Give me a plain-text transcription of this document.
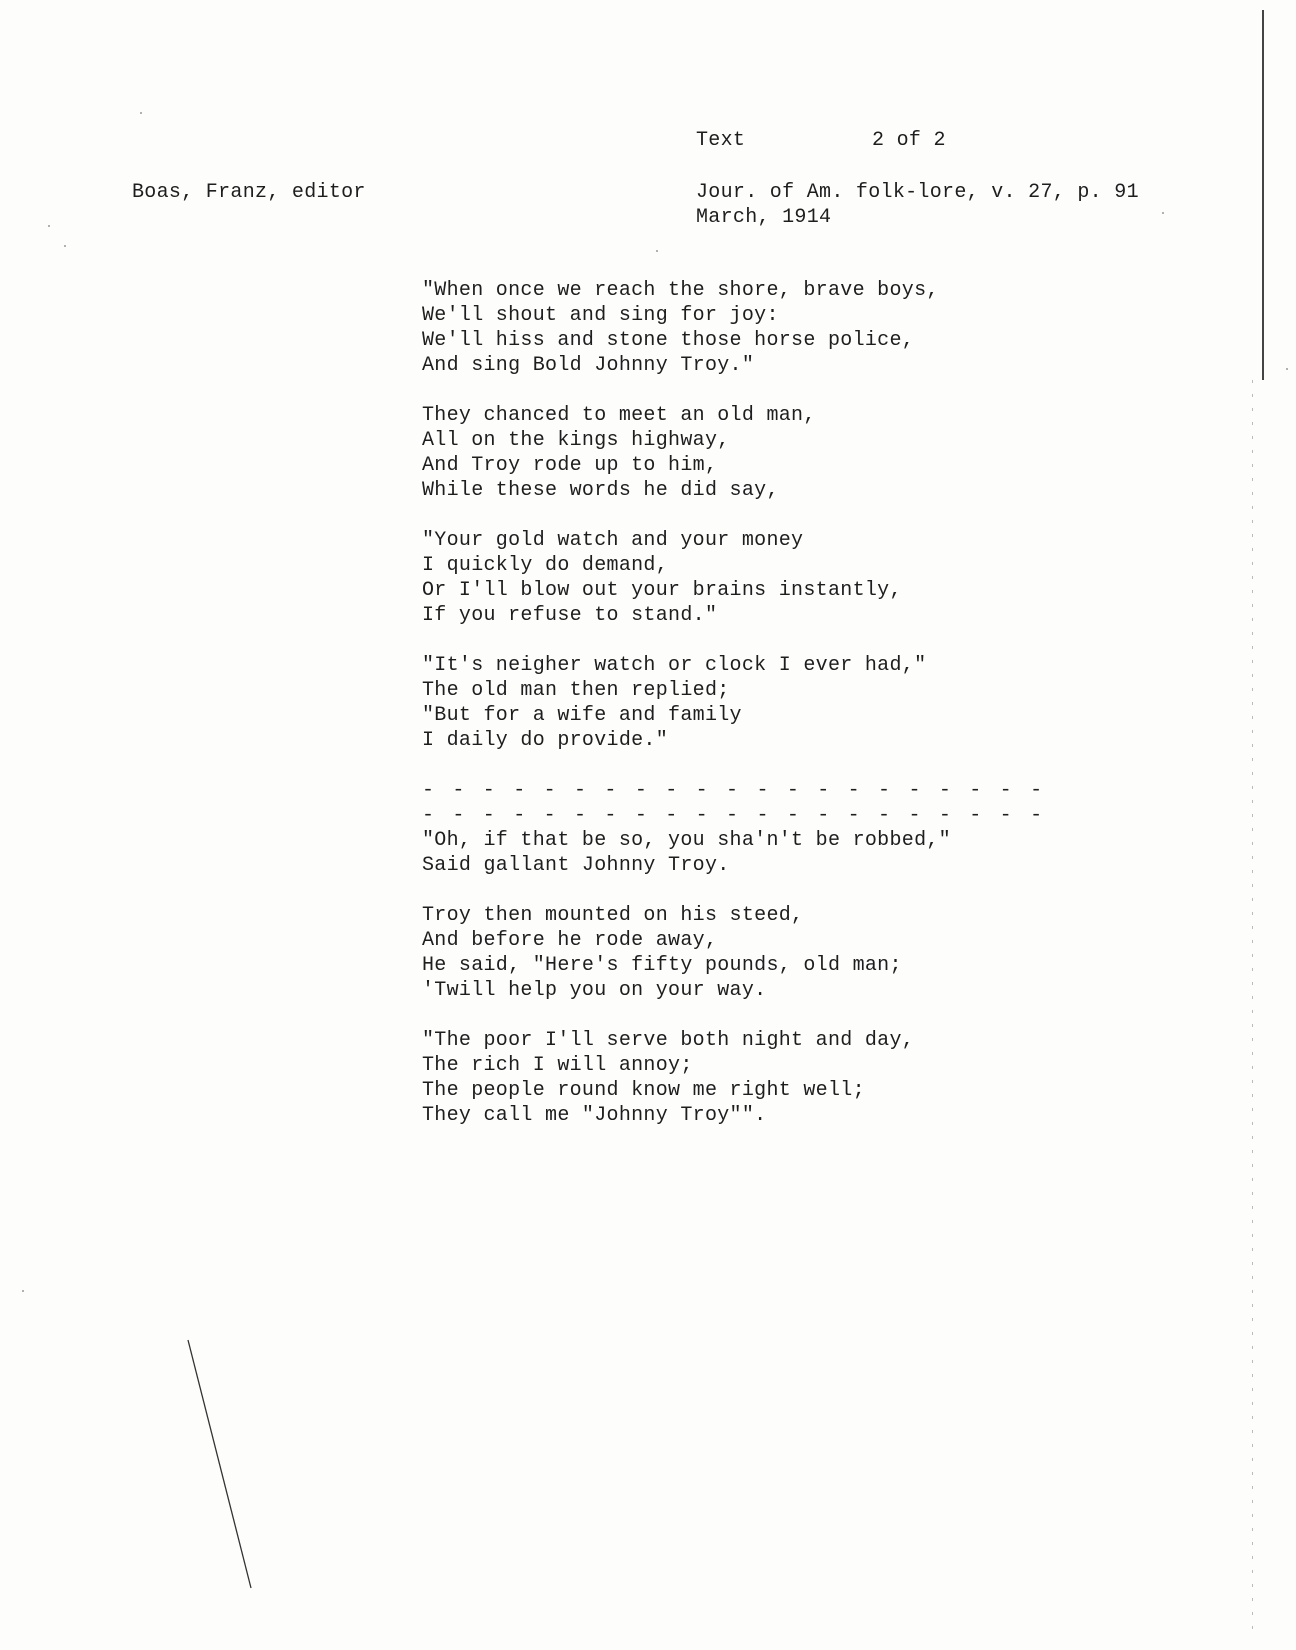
Text	2 of 2
Boas, Franz, editor	Jour. of Am. folk-lore, v. 27, p. 91
March, 1914
"When once we reach the shore, brave boys,
We'll shout and sing for joy:
We'll hiss and stone those horse police,
And sing Bold Johnny Troy."
They chanced to meet an old man,
All on the kings highway,
And Troy rode up to him,
While these words he did say,
"Your gold watch and your money
I quickly do demand,
Or I'll blow out your brains instantly,
If you refuse to stand."
"It's neigher watch or clock I ever had,"
The old man then replied;
"But for a wife and family
I daily do provide."
- - - - - - - - - - - - - - - - - - - - -
- - - - - - - - - - - - - - - - - - - - -
"Oh, if that be so, you sha'n't be robbed,"
Said gallant Johnny Troy.
Troy then mounted on his steed,
And before he rode away,
He said, "Here's fifty pounds, old man;
'Twill help you on your way.
"The poor I'll serve both night and day,
The rich I will annoy;
The people round know me right well;
They call me "Johnny Troy"".
